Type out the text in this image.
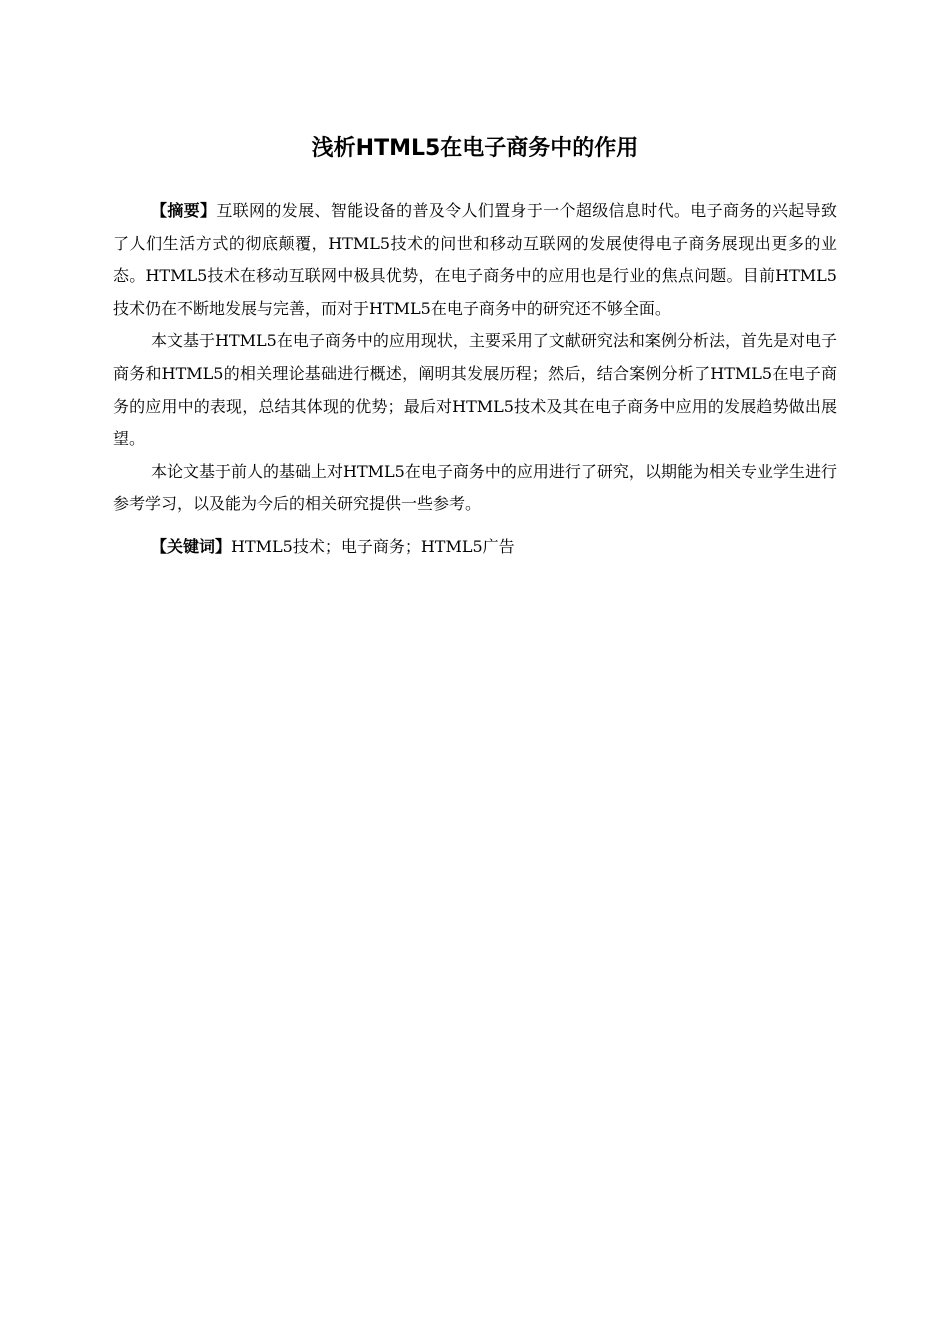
浅析HTML5在电子商务中的作用

【摘要】互联网的发展、智能设备的普及令人们置身于一个超级信息时代。电子商务的兴起导致了人们生活方式的彻底颠覆，HTML5技术的问世和移动互联网的发展使得电子商务展现出更多的业态。HTML5技术在移动互联网中极具优势，在电子商务中的应用也是行业的焦点问题。目前HTML5技术仍在不断地发展与完善，而对于HTML5在电子商务中的研究还不够全面。

本文基于HTML5在电子商务中的应用现状，主要采用了文献研究法和案例分析法，首先是对电子商务和HTML5的相关理论基础进行概述，阐明其发展历程；然后，结合案例分析了HTML5在电子商务的应用中的表现，总结其体现的优势；最后对HTML5技术及其在电子商务中应用的发展趋势做出展望。

本论文基于前人的基础上对HTML5在电子商务中的应用进行了研究，以期能为相关专业学生进行参考学习，以及能为今后的相关研究提供一些参考。

【关键词】HTML5技术；电子商务；HTML5广告
